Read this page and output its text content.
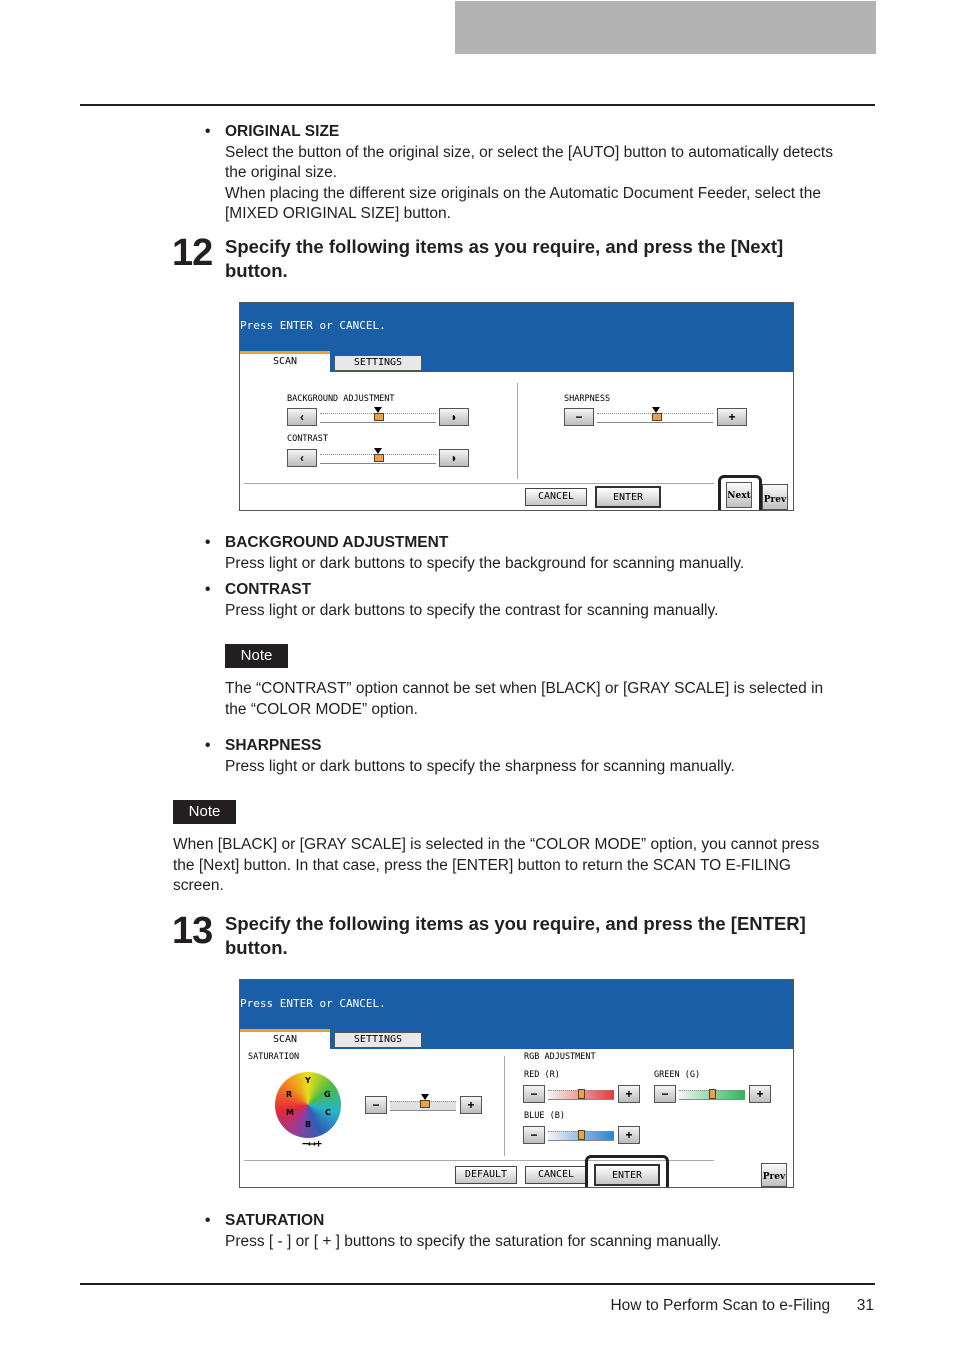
• ORIGINAL SIZE
Select the button of the original size, or select the [AUTO] button to automatically detects
the original size.
When placing the different size originals on the Automatic Document Feeder, select the
[MIXED ORIGINAL SIZE] button.
12 Specify the following items as you require, and press the [Next]
button.
Press ENTER or CANCEL.
SCAN	SETTINGS
BACKGROUND ADJUSTMENT
‹	◗
CONTRAST
‹	◗
SHARPNESS
−	+
CANCEL	ENTER	Next Prev
• BACKGROUND ADJUSTMENT
Press light or dark buttons to specify the background for scanning manually.
• CONTRAST
Press light or dark buttons to specify the contrast for scanning manually.
Note
The “CONTRAST” option cannot be set when [BLACK] or [GRAY SCALE] is selected in
the “COLOR MODE” option.
• SHARPNESS
Press light or dark buttons to specify the sharpness for scanning manually.
Note
When [BLACK] or [GRAY SCALE] is selected in the “COLOR MODE” option, you cannot press
the [Next] button. In that case, press the [ENTER] button to return the SCAN TO E-FILING
screen.
13 Specify the following items as you require, and press the [ENTER]
button.
Press ENTER or CANCEL.
SCAN	SETTINGS
SATURATION
Y
G
R
C
M
B
−⟷+
−	+
RGB ADJUSTMENT
RED (R)
−	+
GREEN (G)
−	+
BLUE (B)
−	+
DEFAULT	CANCEL	ENTER	Prev
• SATURATION
Press [ - ] or [ + ] buttons to specify the saturation for scanning manually.
How to Perform Scan to e-Filing 31
